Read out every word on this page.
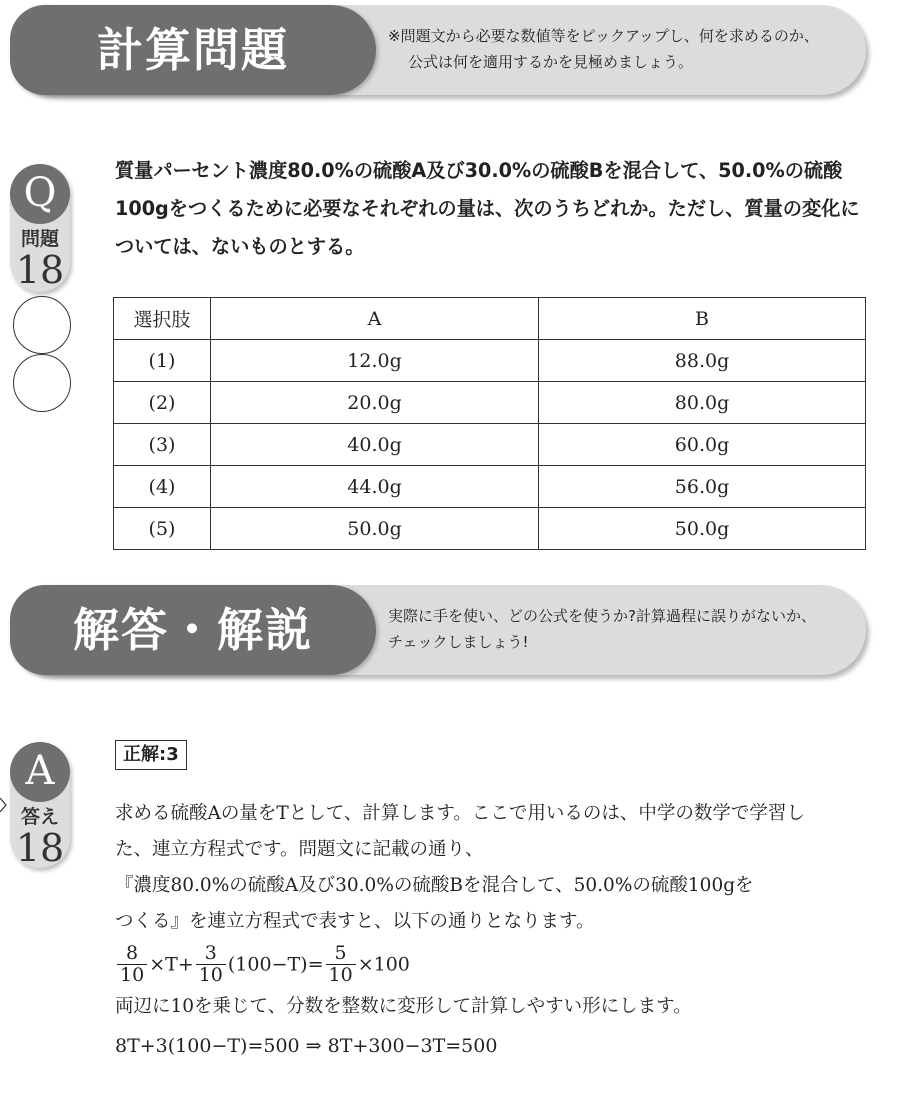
計算問題	※問題文から必要な数値等をピックアップし、何を求めるのか、
公式は何を適用するかを見極めましょう。
Q
問題
18
質量パーセント濃度80.0%の硫酸A及び30.0%の硫酸Bを混合して、50.0%の硫酸100gをつくるために必要なそれぞれの量は、次のうちどれか。ただし、質量の変化については、ないものとする。
選択肢	A	B
(1)	12.0g	88.0g
(2)	20.0g	80.0g
(3)	40.0g	60.0g
(4)	44.0g	56.0g
(5)	50.0g	50.0g
解答・解説	実際に手を使い、どの公式を使うか?計算過程に誤りがないか、
チェックしましょう!
A
答え
18
正解:3

求める硫酸Aの量をTとして、計算します。ここで用いるのは、中学の数学で学習し

た、連立方程式です。問題文に記載の通り、

『濃度80.0%の硫酸A及び30.0%の硫酸Bを混合して、50.0%の硫酸100gを

つくる』を連立方程式で表すと、以下の通りとなります。

$\frac{8}{10} \times T+ \frac{3}{10} (100-T)= \frac{5}{10} \times 100$
両辺に10を乗じて、分数を整数に変形して計算しやすい形にします。
8T+3(100−T)=500 ⇒ 8T+300−3T=500
